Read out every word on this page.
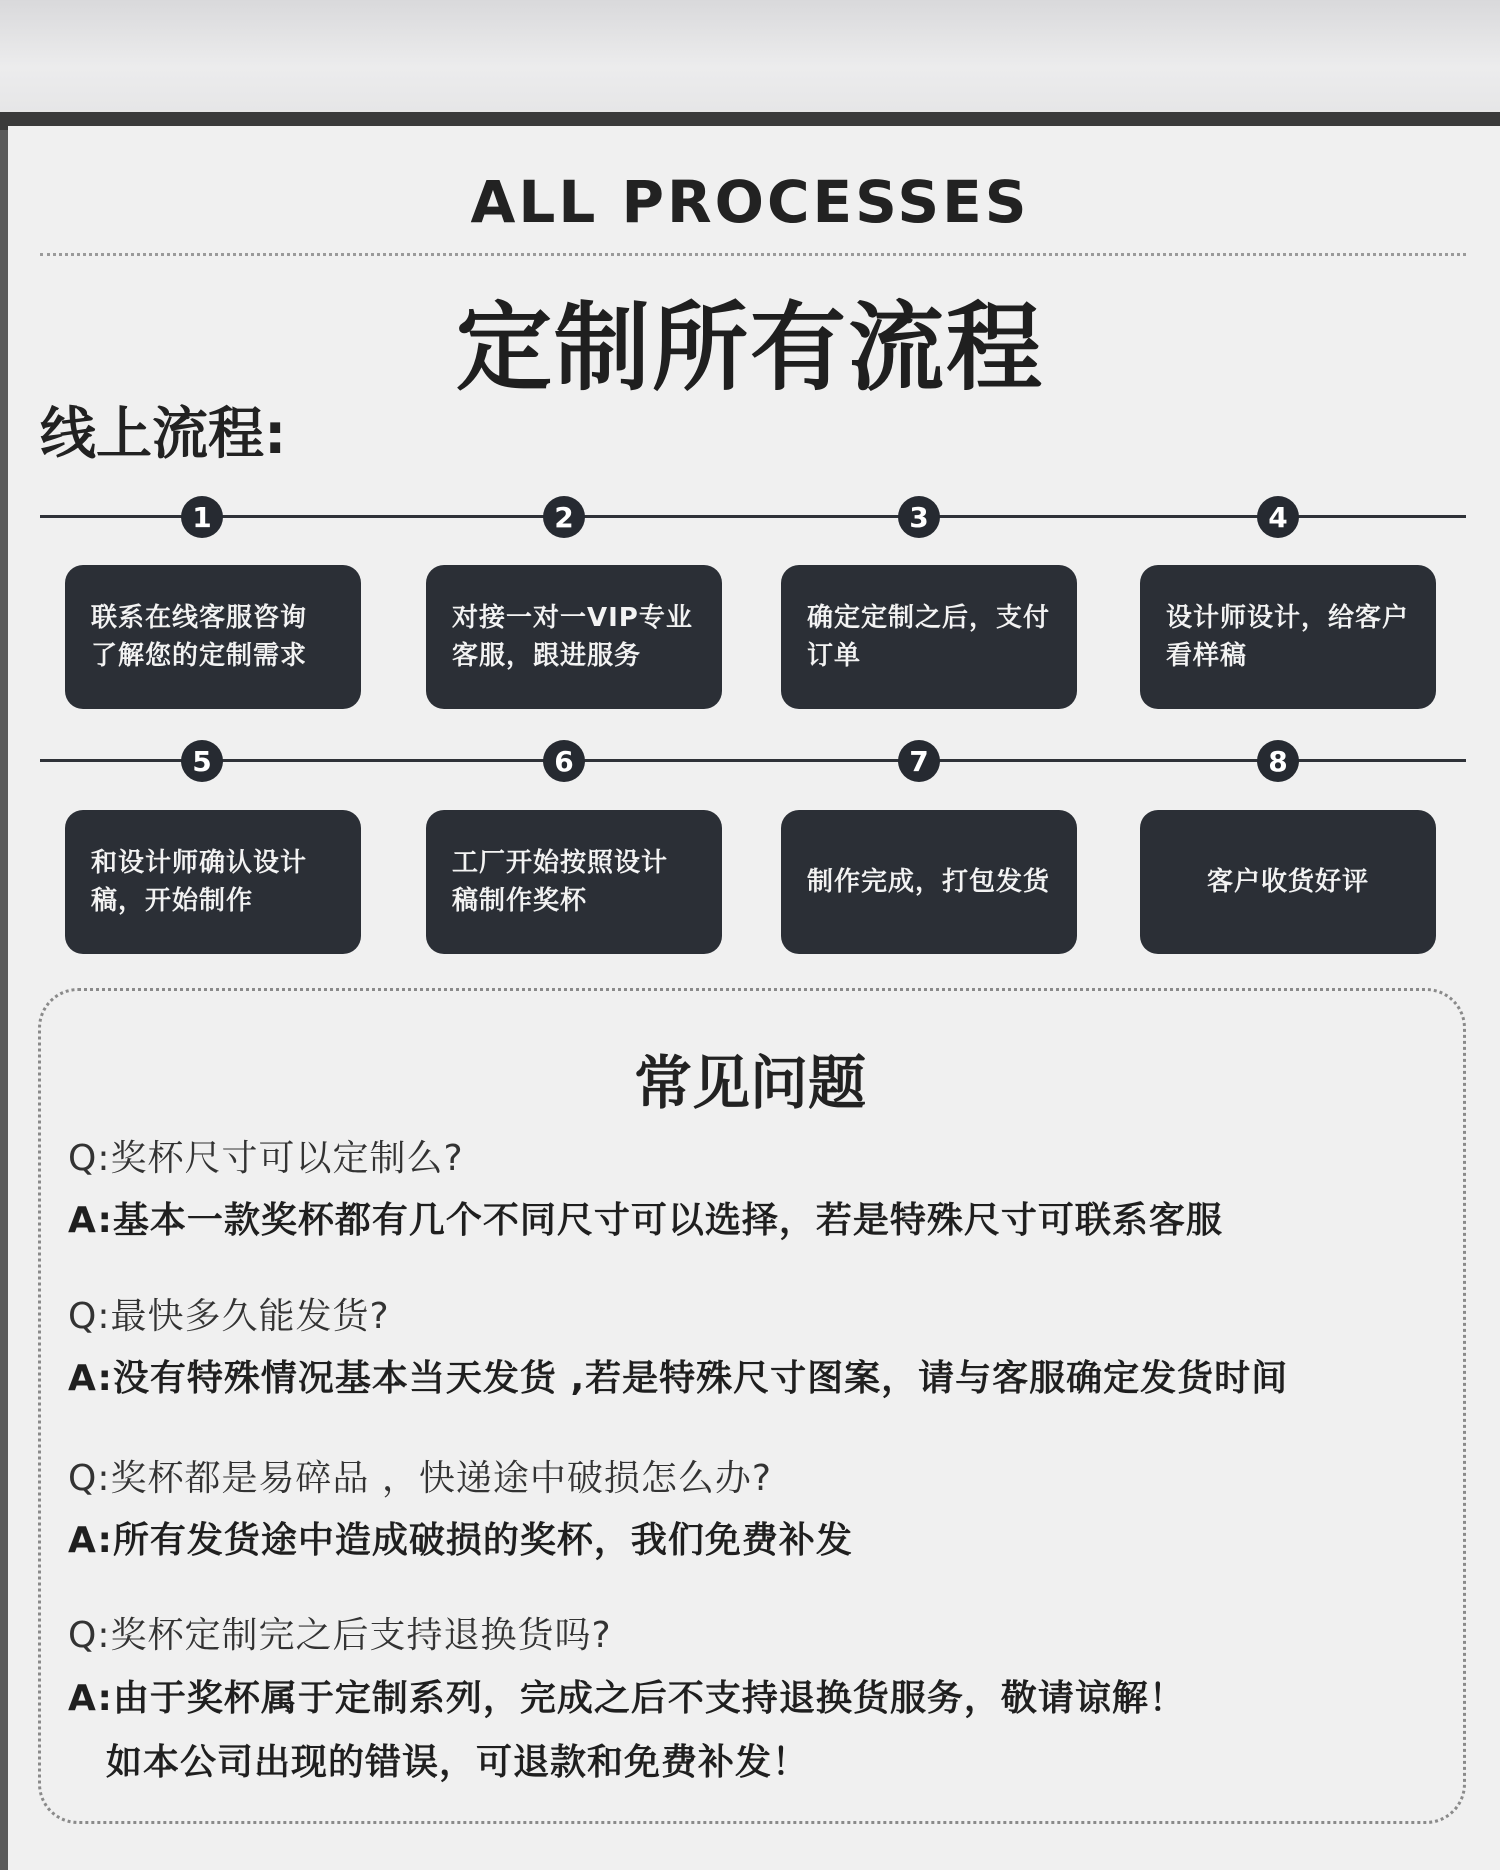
ALL PROCESSES
定制所有流程
线上流程:
1	2	3	4
联系在线客服咨询
了解您的定制需求
对接一对一VIP专业
客服，跟进服务
确定定制之后，支付
订单
设计师设计，给客户
看样稿
5	6	7	8
和设计师确认设计
稿，开始制作
工厂开始按照设计
稿制作奖杯
制作完成，打包发货	客户收货好评
常见问题
Q:奖杯尺寸可以定制么?
A:基本一款奖杯都有几个不同尺寸可以选择，若是特殊尺寸可联系客服
Q:最快多久能发货?
A:没有特殊情况基本当天发货 ,若是特殊尺寸图案，请与客服确定发货时间
Q:奖杯都是易碎品 ，快递途中破损怎么办?
A:所有发货途中造成破损的奖杯，我们免费补发
Q:奖杯定制完之后支持退换货吗?
A:由于奖杯属于定制系列，完成之后不支持退换货服务，敬请谅解！
如本公司出现的错误，可退款和免费补发！
